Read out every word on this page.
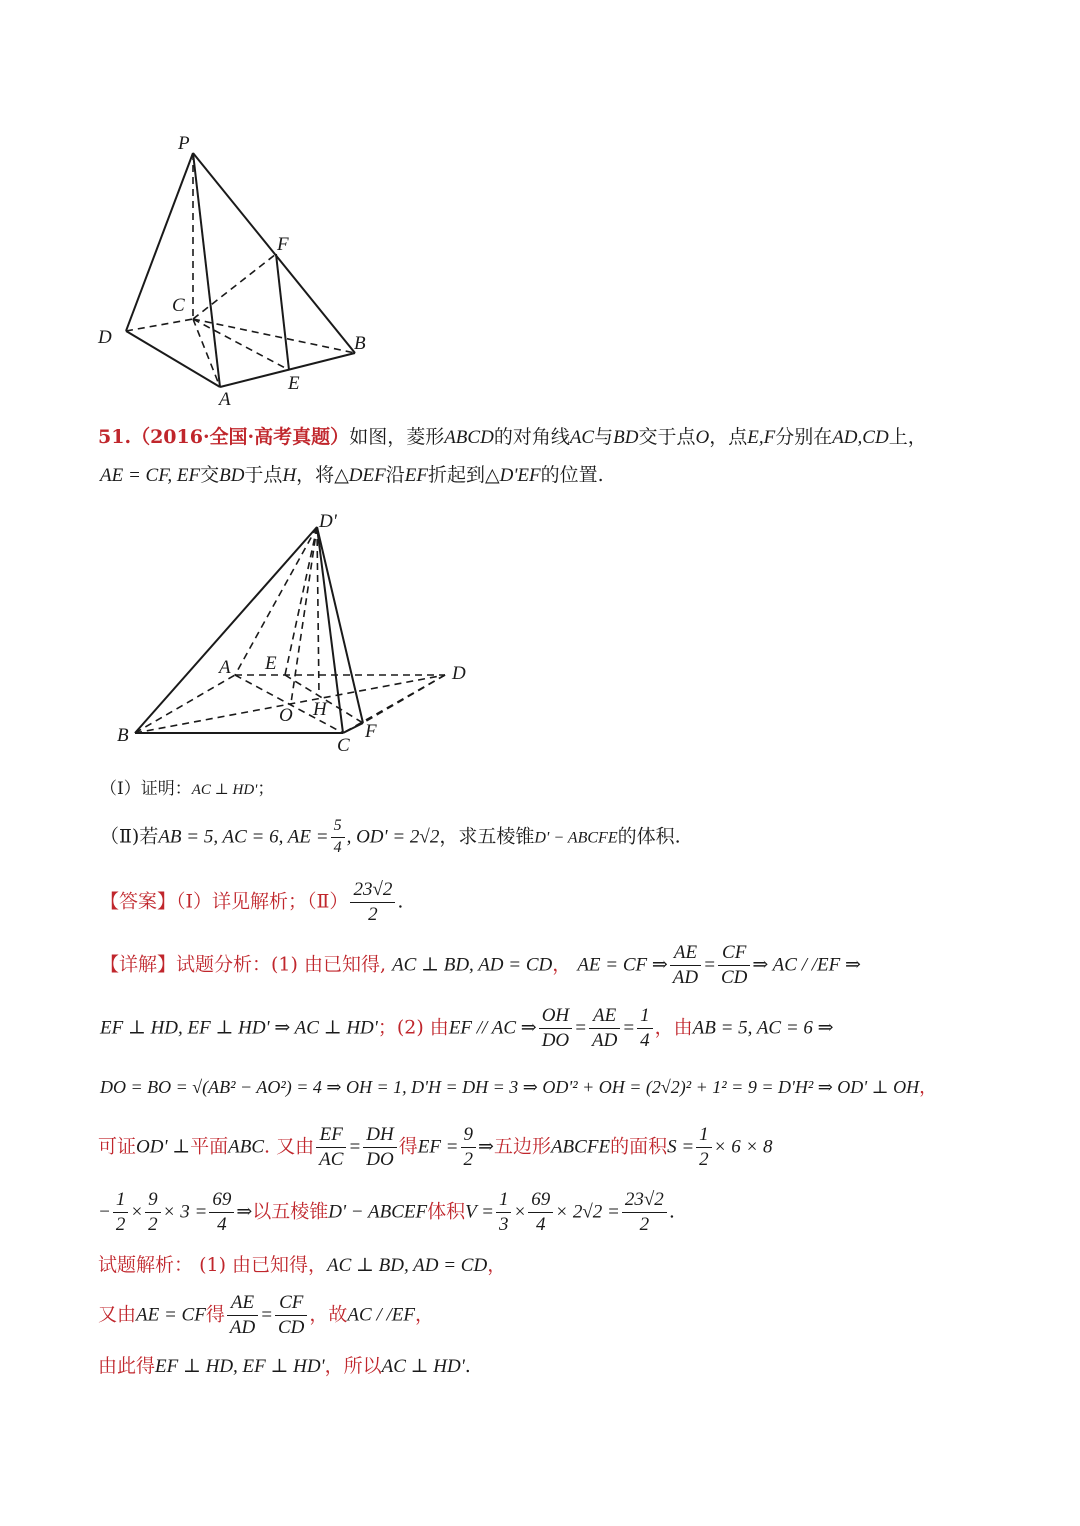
P
F
C
D	B
E
A
51.（2016·全国·高考真题）如图，菱形ABCD的对角线AC与BD交于点O，点E,F分别在AD,CD上，
AE = CF, EF交BD于点H，将△DEF沿EF折起到△D'EF的位置.
D'
A E	D
O H
B	C
F
（Ⅰ）证明：AC ⊥ HD'；
（Ⅱ)若AB = 5, AC = 6, AE = $\frac{5}{4}$ , OD' = 2√2，求五棱锥D' − ABCFE的体积.
【答案】（Ⅰ）详见解析；（Ⅱ） $\frac{23√2}{2}$ .
【详解】试题分析：(1) 由已知得, AC ⊥ BD, AD = CD， AE = CF ⇒ $\frac{AE}{AD} = \frac{CF}{CD}$ ⇒ AC / /EF ⇒
EF ⊥ HD, EF ⊥ HD' ⇒ AC ⊥ HD'；(2) 由EF // AC ⇒ $\frac{OH}{DO} = \frac{AE}{AD} = \frac{1}{4}$ ，由AB = 5, AC = 6 ⇒
DO = BO = √(AB² − AO²) = 4 ⇒ OH = 1, D'H = DH = 3 ⇒ OD'² + OH = (2√2)² + 1² = 9 = D'H² ⇒ OD' ⊥ OH，
可证OD' ⊥平面ABC. 又由 $\frac{EF}{AC} = \frac{DH}{DO}$ 得EF = $\frac{9}{2}$ ⇒五边形ABCFE的面积$S = \frac{1}{2} \times 6 \times 8$
− $\frac{1}{2} \times \frac{9}{2} \times 3 = \frac{69}{4}$ ⇒以五棱锥D' − ABCEF体积$V = \frac{1}{3} \times \frac{69}{4} \times 2√2 = \frac{23√2}{2}$ .
试题解析： (1) 由已知得，AC ⊥ BD, AD = CD，
又由AE = CF得 $\frac{AE}{AD} = \frac{CF}{CD}$ ，故AC / /EF，
由此得EF ⊥ HD, EF ⊥ HD'，所以AC ⊥ HD'.
